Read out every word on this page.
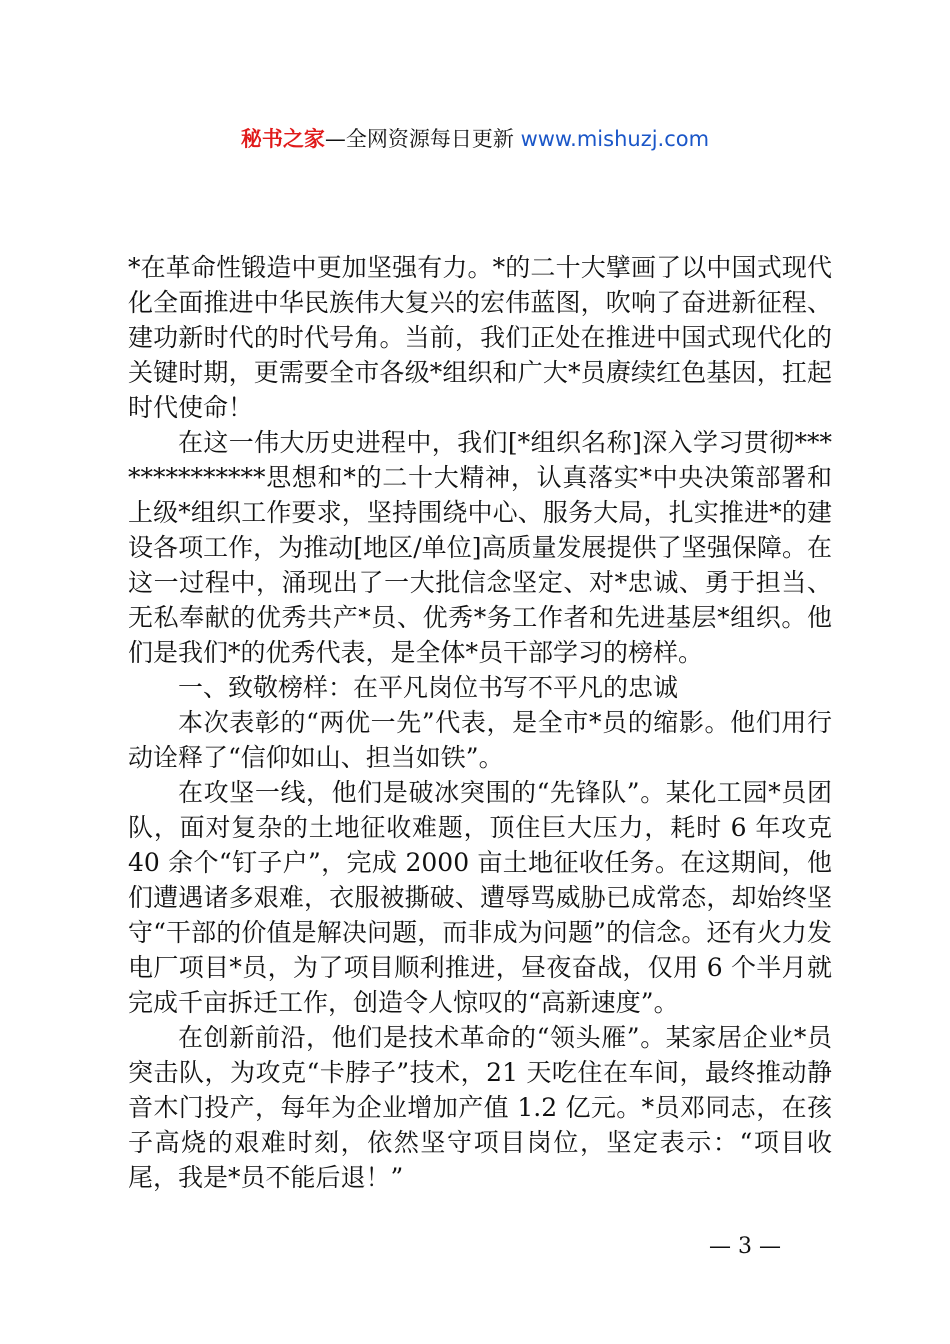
秘书之家—全网资源每日更新 www.mishuzj.com

*在革命性锻造中更加坚强有力。*的二十大擘画了以中国式现代化全面推进中华民族伟大复兴的宏伟蓝图，吹响了奋进新征程、建功新时代的时代号角。当前，我们正处在推进中国式现代化的关键时期，更需要全市各级*组织和广大*员赓续红色基因，扛起时代使命！

在这一伟大历史进程中，我们[*组织名称]深入学习贯彻**************思想和*的二十大精神，认真落实*中央决策部署和上级*组织工作要求，坚持围绕中心、服务大局，扎实推进*的建设各项工作，为推动[地区/单位]高质量发展提供了坚强保障。在这一过程中，涌现出了一大批信念坚定、对*忠诚、勇于担当、无私奉献的优秀共产*员、优秀*务工作者和先进基层*组织。他们是我们*的优秀代表，是全体*员干部学习的榜样。

一、致敬榜样：在平凡岗位书写不平凡的忠诚

本次表彰的“两优一先”代表，是全市*员的缩影。他们用行动诠释了“信仰如山、担当如铁”。

在攻坚一线，他们是破冰突围的“先锋队”。某化工园*员团队，面对复杂的土地征收难题，顶住巨大压力，耗时 6 年攻克 40 余个“钉子户”，完成 2000 亩土地征收任务。在这期间，他们遭遇诸多艰难，衣服被撕破、遭辱骂威胁已成常态，却始终坚守“干部的价值是解决问题，而非成为问题”的信念。还有火力发电厂项目*员，为了项目顺利推进，昼夜奋战，仅用 6 个半月就完成千亩拆迁工作，创造令人惊叹的“高新速度”。

在创新前沿，他们是技术革命的“领头雁”。某家居企业*员突击队，为攻克“卡脖子”技术，21 天吃住在车间，最终推动静音木门投产，每年为企业增加产值 1.2 亿元。*员邓同志，在孩子高烧的艰难时刻，依然坚守项目岗位，坚定表示：“项目收尾，我是*员不能后退！”

— 3 —
